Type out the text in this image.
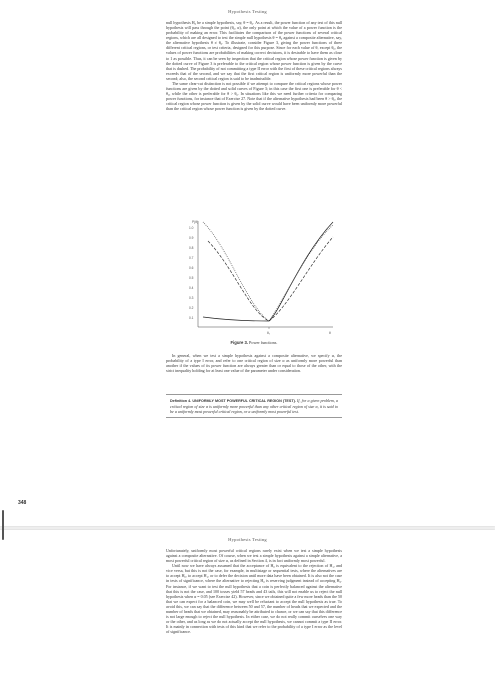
Hypothesis Testing

null hypothesis H₀ be a simple hypothesis, say, θ = θ₀. As a result, the power function of any test of this null hypothesis will pass through the point (θ₀, α), the only point at which the value of a power function is the probability of making an error. This facilitates the comparison of the power functions of several critical regions, which are all designed to test the simple null hypothesis θ = θ₀ against a composite alternative, say, the alternative hypothesis θ ≠ θ₀. To illustrate, consider Figure 3, giving the power functions of three different critical regions, or test criteria, designed for this purpose. Since for each value of θ, except θ₀, the values of power functions are probabilities of making correct decisions, it is desirable to have them as close to 1 as possible. Thus, it can be seen by inspection that the critical region whose power function is given by the dotted curve of Figure 3 is preferable to the critical region whose power function is given by the curve that is dashed. The probability of not committing a type II error with the first of these critical regions always exceeds that of the second, and we say that the first critical region is uniformly more powerful than the second; also, the second critical region is said to be inadmissible.

The same clear-cut distinction is not possible if we attempt to compare the critical regions whose power functions are given by the dotted and solid curves of Figure 3; in this case the first one is preferable for θ < θ₀, while the other is preferable for θ > θ₀. In situations like this we need further criteria for comparing power functions, for instance that of Exercise 27. Note that if the alternative hypothesis had been θ > θ₀, the critical region whose power function is given by the solid curve would have been uniformly more powerful than the critical region whose power function is given by the dotted curve.

P(θ)
1.0
0.9
0.8
0.7
0.6
0.5
0.4
0.3
0.2
0.1
θ₀	θ
Figure 3. Power functions.

In general, when we test a simple hypothesis against a composite alternative, we specify α, the probability of a type I error, and refer to one critical region of size α as uniformly more powerful than another if the values of its power function are always greater than or equal to those of the other, with the strict inequality holding for at least one value of the parameter under consideration.

Definition 4. UNIFORMLY MOST POWERFUL CRITICAL REGION (TEST). If, for a given problem, a critical region of size α is uniformly more powerful than any other critical region of size α, it is said to be a uniformly most powerful critical region, or a uniformly most powerful test.
348
Hypothesis Testing

Unfortunately, uniformly most powerful critical regions rarely exist when we test a simple hypothesis against a composite alternative. Of course, when we test a simple hypothesis against a simple alternative, a most powerful critical region of size α, as defined in Section 4, is in fact uniformly most powerful.

Until now we have always assumed that the acceptance of H₀ is equivalent to the rejection of H₁, and vice versa, but this is not the case, for example, in multistage or sequential tests, where the alternatives are to accept H₀, to accept H₁, or to defer the decision until more data have been obtained. It is also not the case in tests of significance, where the alternative to rejecting H₀ is reserving judgment instead of accepting H₀. For instance, if we want to test the null hypothesis that a coin is perfectly balanced against the alternative that this is not the case, and 100 tosses yield 57 heads and 43 tails, this will not enable us to reject the null hypothesis when α = 0.05 (see Exercise 42). However, since we obtained quite a few more heads than the 50 that we can expect for a balanced coin, we may well be reluctant to accept the null hypothesis as true. To avoid this, we can say that the difference between 50 and 57, the number of heads that we expected and the number of heads that we obtained, may reasonably be attributed to chance, or we can say that this difference is not large enough to reject the null hypothesis. In either case, we do not really commit ourselves one way or the other, and as long as we do not actually accept the null hypothesis, we cannot commit a type II error. It is mainly in connection with tests of this kind that we refer to the probability of a type I error as the level of significance.
